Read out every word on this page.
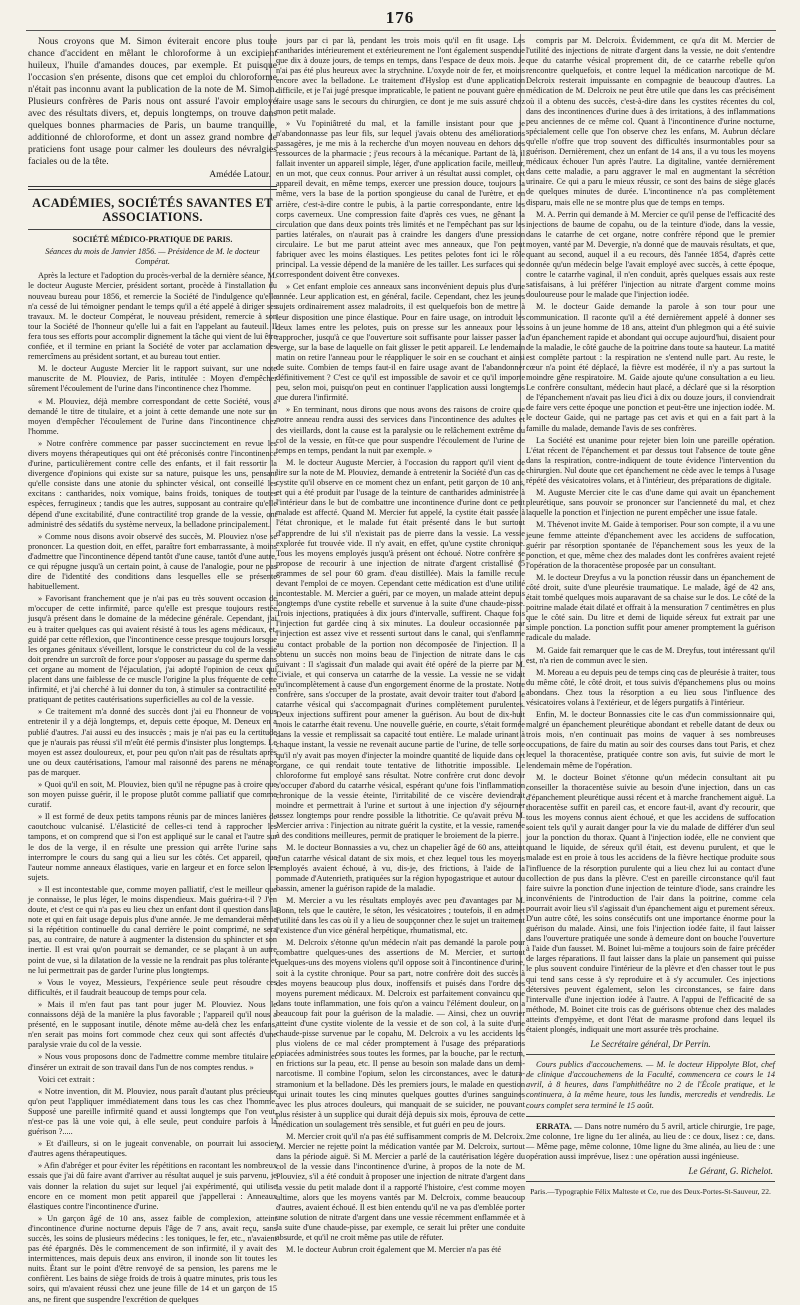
176

Nous croyons que M. Simon éviterait encore plus toute chance d'accident en mêlant le chloroforme à un excipient huileux, l'huile d'amandes douces, par exemple. Et puisque l'occasion s'en présente, disons que cet emploi du chloroforme n'était pas inconnu avant la publication de la note de M. Simon. Plusieurs confrères de Paris nous ont assuré l'avoir employé avec des résultats divers, et, depuis longtemps, on trouve dans quelques bonnes pharmacies de Paris, un baume tranquille, additionné de chloroforme, et dont un assez grand nombre de praticiens font usage pour calmer les douleurs des névralgies faciales ou de la tête.

Amédée Latour.
ACADÉMIES, SOCIÉTÉS SAVANTES ET ASSOCIATIONS.
SOCIÉTÉ MÉDICO-PRATIQUE DE PARIS.
Séances du mois de Janvier 1856. — Présidence de M. le docteur Compérat.

Après la lecture et l'adoption du procès-verbal de la dernière séance, M. le docteur Auguste Mercier, président sortant, procède à l'installation du nouveau bureau pour 1856, et remercie la Société de l'indulgence qu'elle n'a cessé de lui témoigner pendant le temps qu'il a été appelé à diriger ses travaux. M. le docteur Compérat, le nouveau président, remercie à son tour la Société de l'honneur qu'elle lui a fait en l'appelant au fauteuil. Il fera tous ses efforts pour accomplir dignement la tâche qui vient de lui être confiée, et il termine en priant la Société de voter par acclamation des remercîmens au président sortant, et au bureau tout entier.

M. le docteur Auguste Mercier lit le rapport suivant, sur une note manuscrite de M. Plouviez, de Paris, intitulée : Moyen d'empêcher sûrement l'écoulement de l'urine dans l'incontinence chez l'homme.

« M. Plouviez, déjà membre correspondant de cette Société, vous a demandé le titre de titulaire, et a joint à cette demande une note sur un moyen d'empêcher l'écoulement de l'urine dans l'incontinence chez l'homme.

» Notre confrère commence par passer succinctement en revue les divers moyens thérapeutiques qui ont été préconisés contre l'incontinence d'urine, particulièrement contre celle des enfants, et il fait ressortir la divergence d'opinions qui existe sur sa nature, puisque les uns, pensant qu'elle consiste dans une atonie du sphincter vésical, ont conseillé les excitans : cantharides, noix vomique, bains froids, toniques de toutes espèces, ferrugineux ; tandis que les autres, supposant au contraire qu'elle dépend d'une excitabilité, d'une contractilité trop grande de la vessie, ont administré des sédatifs du système nerveux, la belladone principalement.

» Comme nous disons avoir observé des succès, M. Plouviez n'ose se prononcer. La question doit, en effet, paraître fort embarrassante, à moins d'admettre que l'incontinence dépend tantôt d'une cause, tantôt d'une autre, ce qui répugne jusqu'à un certain point, à cause de l'analogie, pour ne pas dire de l'identité des conditions dans lesquelles elle se présente habituellement.

» Favorisant franchement que je n'ai pas eu très souvent occasion de m'occuper de cette infirmité, parce qu'elle est presque toujours restée jusqu'à présent dans le domaine de la médecine générale. Cependant, j'ai eu à traiter quelques cas qui avaient résisté à tous les agens médicaux, et, guidé par cette réflexion, que l'incontinence cesse presque toujours lorsque les organes génitaux s'éveillent, lorsque le constricteur du col de la vessie doit prendre un surcroît de force pour s'opposer au passage du sperme dans cet organe au moment de l'éjaculation, j'ai adopté l'opinion de ceux qui placent dans une faiblesse de ce muscle l'origine la plus fréquente de cette infirmité, et j'ai cherché à lui donner du ton, à stimuler sa contractilité en pratiquant de petites cautérisations superficielles au col de la vessie.

» Ce traitement m'a donné des succès dont j'ai eu l'honneur de vous entretenir il y a déjà longtemps, et, depuis cette époque, M. Deneux en a publié d'autres. J'ai aussi eu des insuccès ; mais je n'ai pas eu la certitude que je n'aurais pas réussi s'il m'eût été permis d'insister plus longtemps. Le moyen est assez douloureux, et, pour peu qu'on n'ait pas de résultats après une ou deux cautérisations, l'amour mal raisonné des parens ne ménage pas de marquer.

» Quoi qu'il en soit, M. Plouviez, bien qu'il ne répugne pas à croire que son moyen puisse guérir, il le propose plutôt comme palliatif que comme curatif.

» Il est formé de deux petits tampons réunis par de minces lanières de caoutchouc vulcanisé. L'élasticité de celles-ci tend à rapprocher les tampons, et on comprend que si l'on est appliqué sur le canal et l'autre sur le dos de la verge, il en résulte une pression qui arrête l'urine sans interrompre le cours du sang qui a lieu sur les côtés. Cet appareil, que l'auteur nomme anneaux élastiques, varie en largeur et en force selon les sujets.

» Il est incontestable que, comme moyen palliatif, c'est le meilleur que je connaisse, le plus léger, le moins dispendieux. Mais guérira-t-il ? J'en doute, et c'est ce qui n'a pas eu lieu chez un enfant dont il question dans la note et qui en fait usage depuis plus d'une année. Je me demanderai même si la répétition continuelle du canal derrière le point comprimé, ne sera pas, au contraire, de nature à augmenter la distension du sphincter et son inertie. Il est vrai qu'on pourrait se demander, ce se plaçant à un autre point de vue, si la dilatation de la vessie ne la rendrait pas plus tolérante et ne lui permettrait pas de garder l'urine plus longtemps.

» Vous le voyez, Messieurs, l'expérience seule peut résoudre ces difficultés, et il faudrait beaucoup de temps pour cela.

» Mais il m'en faut pas tant pour juger M. Plouviez. Nous le connaissons déjà de la manière la plus favorable ; l'appareil qu'il nous a présenté, en le supposant inutile, dénote même au-delà chez les enfans, n'en serait pas moins fort commode chez ceux qui sont affectés d'une paralysie vraie du col de la vessie.

» Nous vous proposons donc de l'admettre comme membre titulaire et d'insérer un extrait de son travail dans l'un de nos comptes rendus. »

Voici cet extrait :

« Notre invention, dit M. Plouviez, nous paraît d'autant plus précieuse qu'on peut l'appliquer immédiatement dans tous les cas chez l'homme. Supposé une pareille infirmité quand et aussi longtemps que l'on veut, n'est-ce pas là une voie qui, à elle seule, peut conduire parfois à la guérison ?.....

» Et d'ailleurs, si on le jugeait convenable, on pourrait lui associer d'autres agens thérapeutiques.

» Afin d'abréger et pour éviter les répétitions en racontant les nombreux essais que j'ai dû faire avant d'arriver au résultat auquel je suis parvenu, je vais donner la relation du sujet sur lequel j'ai expérimenté, qui utilise encore en ce moment mon petit appareil que j'appellerai : Anneaux élastiques contre l'incontinence d'urine.

» Un garçon âgé de 10 ans, assez faible de complexion, atteint d'incontinence d'urine nocturne depuis l'âge de 7 ans, avait reçu, sans succès, les soins de plusieurs médecins : les toniques, le fer, etc., n'avaient pas été épargnés. Dès le commencement de son infirmité, il y avait des intermittences, mais depuis deux ans environ, il inonde son lit toutes les nuits. Étant sur le point d'être renvoyé de sa pension, les parens me le confièrent. Les bains de siège froids de trois à quatre minutes, pris tous les soirs, qui m'avaient réussi chez une jeune fille de 14 et un garçon de 15 ans, ne firent que suspendre l'excrétion de quelques

jours par ci par là, pendant les trois mois qu'il en fit usage. Les cantharides intérieurement et extérieurement ne l'ont également suspendue que dix à douze jours, de temps en temps, dans l'espace de deux mois. Je n'ai pas été plus heureux avec la strychnine. L'oxyde noir de fer, et moins encore avec la belladone. Le traitement d'Hyslop est d'une application difficile, et je l'ai jugé presque impraticable, le patient ne pouvant guère en faire usage sans le secours du chirurgien, ce dont je me suis assuré chez mon petit malade.

» Vu l'opiniâtreté du mal, et la famille insistant pour que je n'abandonnasse pas leur fils, sur lequel j'avais obtenu des améliorations passagères, je me mis à la recherche d'un moyen nouveau en dehors des ressources de la pharmacie ; j'eus recours à la mécanique. Partant de là, il fallait inventer un appareil simple, léger, d'une application facile, meilleur, en un mot, que ceux connus. Pour arriver à un résultat aussi complet, cet appareil devait, en même temps, exercer une pression douce, toujours la même, vers la base de la portion spongieuse du canal de l'urètre, et en arrière, c'est-à-dire contre le pubis, à la partie correspondante, entre les corps caverneux. Une compression faite d'après ces vues, ne gênant la circulation que dans deux points très limités et ne l'empêchant pas sur les parties latérales, on n'aurait pas à craindre les dangers d'une pression circulaire. Le but me parut atteint avec mes anneaux, que l'on peut fabriquer avec les moins élastiques. Les petites pelotes font ici le rôle principal. La vessie dépend de la manière de les tailler. Les surfaces qui se correspondent doivent être convexes.

» Cet enfant emploie ces anneaux sans inconvénient depuis plus d'une année. Leur application est, en général, facile. Cependant, chez les jeunes sujets ordinairement assez maladroits, il est quelquefois bon de mettre à leur disposition une pince élastique. Pour en faire usage, on introduit les deux lames entre les pelotes, puis on presse sur les anneaux pour les rapprocher, jusqu'à ce que l'ouverture soit suffisante pour laisser passer la verge, sur la base de laquelle on fait glisser le petit appareil. Le lendemain matin on retire l'anneau pour le réappliquer le soir en se couchant et ainsi de suite. Combien de temps faut-il en faire usage avant de l'abandonner définitivement ? C'est ce qu'il est impossible de savoir et ce qu'il importe peu, selon moi, puisqu'on peut en continuer l'application aussi longtemps que durera l'infirmité.

» En terminant, nous dirons que nous avons des raisons de croire que notre anneau rendra aussi des services dans l'incontinence des adultes et des vieillards, dont la cause est la paralysie ou le relâchement extrême du col de la vessie, en fût-ce que pour suspendre l'écoulement de l'urine de temps en temps, pendant la nuit par exemple. »

M. le docteur Auguste Mercier, à l'occasion du rapport qu'il vient de lire sur la note de M. Plouviez, demande à entretenir la Société d'un cas de cystite qu'il observe en ce moment chez un enfant, petit garçon de 10 ans, et qui a été produit par l'usage de la teinture de cantharides administrée à l'intérieur dans le but de combattre une incontinence d'urine dont ce petit malade est affecté. Quand M. Mercier fut appelé, la cystite était passée à l'état chronique, et le malade fut était présenté dans le but surtout d'apprendre de lui s'il n'existait pas de pierre dans la vessie. La vessie explorée fut trouvée vide. Il n'y avait, en effet, qu'une cystite chronique. Tous les moyens employés jusqu'à présent ont échoué. Notre confrère se propose de recourir à une injection de nitrate d'argent cristallisé (5 grammes de sel pour 60 gram. d'eau distillée). Mais la famille recule devant l'emploi de ce moyen. Cependant cette médication est d'une utilité incontestable. M. Mercier a guéri, par ce moyen, un malade atteint depuis longtemps d'une cystite rebelle et survenue à la suite d'une chaude-pisse. Trois injections, pratiquées à dix jours d'intervalle, suffirent. Chaque fois l'injection fut gardée cinq à six minutes. La douleur occasionnée par l'injection est assez vive et ressenti surtout dans le canal, qui s'enflamme au contact probable de la portion non décomposée de l'injection. Il a obtenu un succès non moins beau de l'injection de nitrate dans le cas suivant : Il s'agissait d'un malade qui avait été opéré de la pierre par M. Civiale, et qui conserva un catarrhe de la vessie. La vessie ne se vidait qu'incomplètement à cause d'un engorgement énorme de la prostate. Notre confrère, sans s'occuper de la prostate, avait devoir traiter tout d'abord le catarrhe vésical qui s'accompagnait d'urines complètement purulentes. Deux injections suffirent pour amener la guérison. Au bout de dix-huit mois le catarrhe était revenu. Une nouvelle guérie, en courte, s'était formée dans la vessie et remplissait sa capacité tout entière. Le malade urinant à chaque instant, la vessie ne revenait aucune partie de l'urine, de telle sorte qu'il n'y avait pas moyen d'injecter la moindre quantité de liquide dans cet organe, ce qui rendait toute tentative de lithotritie impossible. Le chloroforme fut employé sans résultat. Notre confrère crut donc devoir s'occuper d'abord du catarrhe vésical, espérant qu'une fois l'inflammation chronique de la vessie éteinte, l'irritabilité de ce viscère deviendrait moindre et permettrait à l'urine et surtout à une injection d'y séjourner assez longtemps pour rendre possible la lithotritie. Ce qu'avait prévu M. Mercier arriva : l'injection au nitrate guérit la cystite, et la vessie, ramenée à des conditions meilleures, permit de pratiquer le broiement de la pierre.

M. le docteur Bonnassies a vu, chez un chapelier âgé de 60 ans, atteint d'un catarrhe vésical datant de six mois, et chez lequel tous les moyens employés avaient échoué, à vu, dis-je, des frictions, à l'aide de la pommade d'Autenrieth, pratiquées sur la région hypogastrique et autour du bassin, amener la guérison rapide de la maladie.

M. Mercier a vu les résultats employés avec peu d'avantages par M. Bonn, tels que le cautère, le séton, les vésicatoires ; toutefois, il en admet l'utilité dans les cas où il y a lieu de soupçonner chez le sujet un traitement l'existence d'un vice général herpétique, rhumatismal, etc.

M. Delcroix s'étonne qu'un médecin n'ait pas demandé la parole pour combattre quelques-unes des assertions de M. Mercier, et surtout quelques-uns des moyens violens qu'il oppose soit à l'incontinence d'urine, soit à la cystite chronique. Pour sa part, notre confrère doit des succès à des moyens beaucoup plus doux, inoffensifs et puisés dans l'ordre des moyens purement médicaux. M. Delcroix est parfaitement convaincu que dans toute inflammation, une fois qu'on a vaincu l'élément douleur, on a beaucoup fait pour la guérison de la maladie. — Ainsi, chez un ouvrier atteint d'une cystite violente de la vessie et de son col, à la suite d'une chaude-pisse survenue par le copahu, M. Delcroix a vu les accidents les plus violens de ce mal céder promptement à l'usage des préparations opiacées administrées sous toutes les formes, par la bouche, par le rectum, en frictions sur la peau, etc. Il pense au besoin son malade dans un demi-narcotisme. Il combine l'opium, selon les circonstances, avec le datura-stramonium et la belladone. Dès les premiers jours, le malade en question qui urinait toutes les cinq minutes quelques gouttes d'urines sanguines avec les plus atroces douleurs, qui manquait de se suicider, ne pouvant plus résister à un supplice qui durait déjà depuis six mois, éprouva de cette médication un soulagement très sensible, et fut guéri en peu de jours.

M. Mercier croit qu'il n'a pas été suffisamment compris de M. Delcroix. M. Mercier ne rejette point la médication vantée par M. Delcroix, surtout dans la période aiguë. Si M. Mercier a parlé de la cautérisation légère du col de la vessie dans l'incontinence d'urine, à propos de la note de M. Plouviez, s'il a été conduit à proposer une injection de nitrate d'argent dans la vessie du petit malade dont il a rapporté l'histoire, c'est comme moyen ultime, alors que les moyens vantés par M. Delcroix, comme beaucoup d'autres, avaient échoué. Il est bien entendu qu'il ne va pas d'emblée porter une solution de nitrate d'argent dans une vessie récemment enflammée et à la suite d'une chaude-pisse, par exemple, ce serait lui prêter une conduite absurde, et qu'il ne croit même pas utile de réfuter.

M. le docteur Aubrun croit également que M. Mercier n'a pas été

compris par M. Delcroix. Évidemment, ce qu'a dit M. Mercier de l'utilité des injections de nitrate d'argent dans la vessie, ne doit s'entendre que du catarrhe vésical proprement dit, de ce catarrhe rebelle qu'on rencontre quelquefois, et contre lequel la médication narcotique de M. Delcroix resterait impuissante en compagnie de beaucoup d'autres. La médication de M. Delcroix ne peut être utile que dans les cas précisément où il a obtenu des succès, c'est-à-dire dans les cystites récentes du col, dans des incontinences d'urine dues à des irritations, à des inflammations peu anciennes de ce même col. Quant à l'incontinence d'urine nocturne, spécialement celle que l'on observe chez les enfans, M. Aubrun déclare qu'elle n'offre que trop souvent des difficultés insurmontables pour sa guérison. Dernièrement, chez un enfant de 14 ans, il a vu tous les moyens médicaux échouer l'un après l'autre. La digitaline, vantée dernièrement dans cette maladie, a paru aggraver le mal en augmentant la sécrétion urinaire. Ce qui a paru le mieux réussir, ce sont des bains de siège glacés de quelques minutes de durée. L'incontinence n'a pas complètement disparu, mais elle ne se montre plus que de temps en temps.

M. A. Perrin qui demande à M. Mercier ce qu'il pense de l'efficacité des injections de baume de copahu, ou de la teinture d'iode, dans la vessie, dans le catarrhe de cet organe, notre confrère répond que le premier moyen, vanté par M. Devergie, n'a donné que de mauvais résultats, et que, quant au second, auquel il a eu recours, dès l'année 1854, d'après cette donnée qu'un médecin belge l'avait employé avec succès, à cette époque, contre le catarrhe vaginal, il n'en conduit, après quelques essais aux reste satisfaisans, à lui préférer l'injection au nitrate d'argent comme moins douloureuse pour le malade que l'injection iodée.

M. le docteur Gaide demande la parole à son tour pour une communication. Il raconte qu'il a été dernièrement appelé à donner ses soins à un jeune homme de 18 ans, atteint d'un phlegmon qui a été suivie d'un épanchement rapide et abondant qui occupe aujourd'hui, disaient pour de la maladie, le côté gauche de la poitrine dans toute sa hauteur. La matité est complète partout : la respiration ne s'entend nulle part. Au reste, le cœur n'a point été déplacé, la fièvre est modérée, il n'y a pas surtout la moindre gêne respiratoire. M. Gaide ajoute qu'une consultation a eu lieu. Le confrère consultant, médecin haut placé, a déclaré que si la résorption de l'épanchement n'avait pas lieu d'ici à dix ou douze jours, il conviendrait de faire vers cette époque une ponction et peut-être une injection iodée. M. le docteur Gaide, qui ne partage pas cet avis et qui en a fait part à la famille du malade, demande l'avis de ses confrères.

La Société est unanime pour rejeter bien loin une pareille opération. L'état récent de l'épanchement et par dessus tout l'absence de toute gêne dans la respiration, contre-indiquent de toute évidence l'intervention du chirurgien. Nul doute que cet épanchement ne cède avec le temps à l'usage répété des vésicatoires volans, et à l'intérieur, des préparations de digitale.

M. Auguste Mercier cite le cas d'une dame qui avait un épanchement pleurétique, sans pouvoir se prononcer sur l'ancienneté du mal, et chez laquelle la ponction et l'injection ne purent empêcher une issue fatale.

M. Thévenot invite M. Gaide à temporiser. Pour son compte, il a vu une jeune femme atteinte d'épanchement avec les accidens de suffocation, guérir par résorption spontanée de l'épanchement sous les yeux de la ponction, et que, même chez des malades dont les confrères avaient rejeté l'opération de la thoracentèse proposée par un consultant.

M. le docteur Dreyfus a vu la ponction réussir dans un épanchement de côté droit, suite d'une pleurésie traumatique. Le malade, âgé de 42 ans, était tombé quelques mois auparavant de sa chaise sur le dos. Le côté de la poitrine malade était dilaté et offrait à la mensuration 7 centimètres en plus que le côté sain. Du litre et demi de liquide séreux fut extrait par une simple ponction. La ponction suffit pour amener promptement la guérison radicale du malade.

M. Gaide fait remarquer que le cas de M. Dreyfus, tout intéressant qu'il est, n'a rien de commun avec le sien.

M. Moreau a eu depuis peu de temps cinq cas de pleurésie à traiter, tous du même côté, le côté droit, et tous suivis d'épanchemens plus ou moins abondans. Chez tous la résorption a eu lieu sous l'influence des vésicatoires volans à l'extérieur, et de légers purgatifs à l'intérieur.

Enfin, M. le docteur Bonnassies cite le cas d'un commissionnaire qui, malgré un épanchement pleurétique abondant et rebelle datant de deux ou trois mois, n'en continuait pas moins de vaquer à ses nombreuses occupations, de faire du matin au soir des courses dans tout Paris, et chez lequel la thoracentèse, pratiquée contre son avis, fut suivie de mort le lendemain même de l'opération.

M. le docteur Boinet s'étonne qu'un médecin consultant ait pu conseiller la thoracentèse suivie au besoin d'une injection, dans un cas d'épanchement pleurétique aussi récent et à marche franchement aiguë. La thoracentèse suffit en pareil cas, et encore faut-il, avant d'y recourir, que tous les moyens connus aient échoué, et que les accidens de suffocation soient tels qu'il y aurait danger pour la vie du malade de différer d'un seul jour la ponction du thorax. Quant à l'injection iodée, elle ne convient que quand le liquide, de séreux qu'il était, est devenu purulent, et que le malade est en proie à tous les accidens de la fièvre hectique produite sous l'influence de la résorption purulente qui a lieu chez lui au contact d'une collection de pus dans la plèvre. C'est en pareille circonstance qu'il faut faire suivre la ponction d'une injection de teinture d'iode, sans craindre les inconvénients de l'introduction de l'air dans la poitrine, comme cela pourrait avoir lieu s'il s'agissait d'un épanchement aigu et purement séreux. D'un autre côté, les soins consécutifs ont une importance énorme pour la guérison du malade. Ainsi, une fois l'injection iodée faite, il faut laisser dans l'ouverture pratiquée une sonde à demeure dont on bouche l'ouverture à l'aide d'un fausset. M. Boinet lui-même a toujours soin de faire précéder de larges réparations. Il faut laisser dans la plaie un pansement qui puisse le plus souvent conduire l'intérieur de la plèvre et d'en chasser tout le pus qui tend sans cesse à s'y reproduire et à s'y accumuler. Ces injections détersives peuvent également, selon les circonstances, se faire dans l'intervalle d'une injection iodée à l'autre. A l'appui de l'efficacité de sa méthode, M. Boinet cite trois cas de guérisons obtenue chez des malades atteints d'empyème, et dont l'état de marasme profond dans lequel ils étaient plongés, indiquait une mort assurée très prochaine.

Le Secrétaire général, Dr Perrin.

Cours publics d'accouchemens. — M. le docteur Hippolyte Blot, chef de clinique d'accouchemens de la Faculté, commencera ce cours le 14 avril, à 8 heures, dans l'amphithéâtre no 2 de l'École pratique, et le continuera, à la même heure, tous les lundis, mercredis et vendredis. Le cours complet sera terminé le 15 août.

ERRATA. — Dans notre numéro du 5 avril, article chirurgie, 1re page, 2me colonne, 1re ligne du 1er alinéa, au lieu de : ce doux, lisez : ce, dans. — Même page, même colonne, 10me ligne du 3me alinéa, au lieu de : une opération aussi imprévue, lisez : une opération aussi ingénieuse.

Le Gérant, G. Richelot.
Paris.—Typographie Félix Malteste et Ce, rue des Deux-Portes-St-Sauveur, 22.
